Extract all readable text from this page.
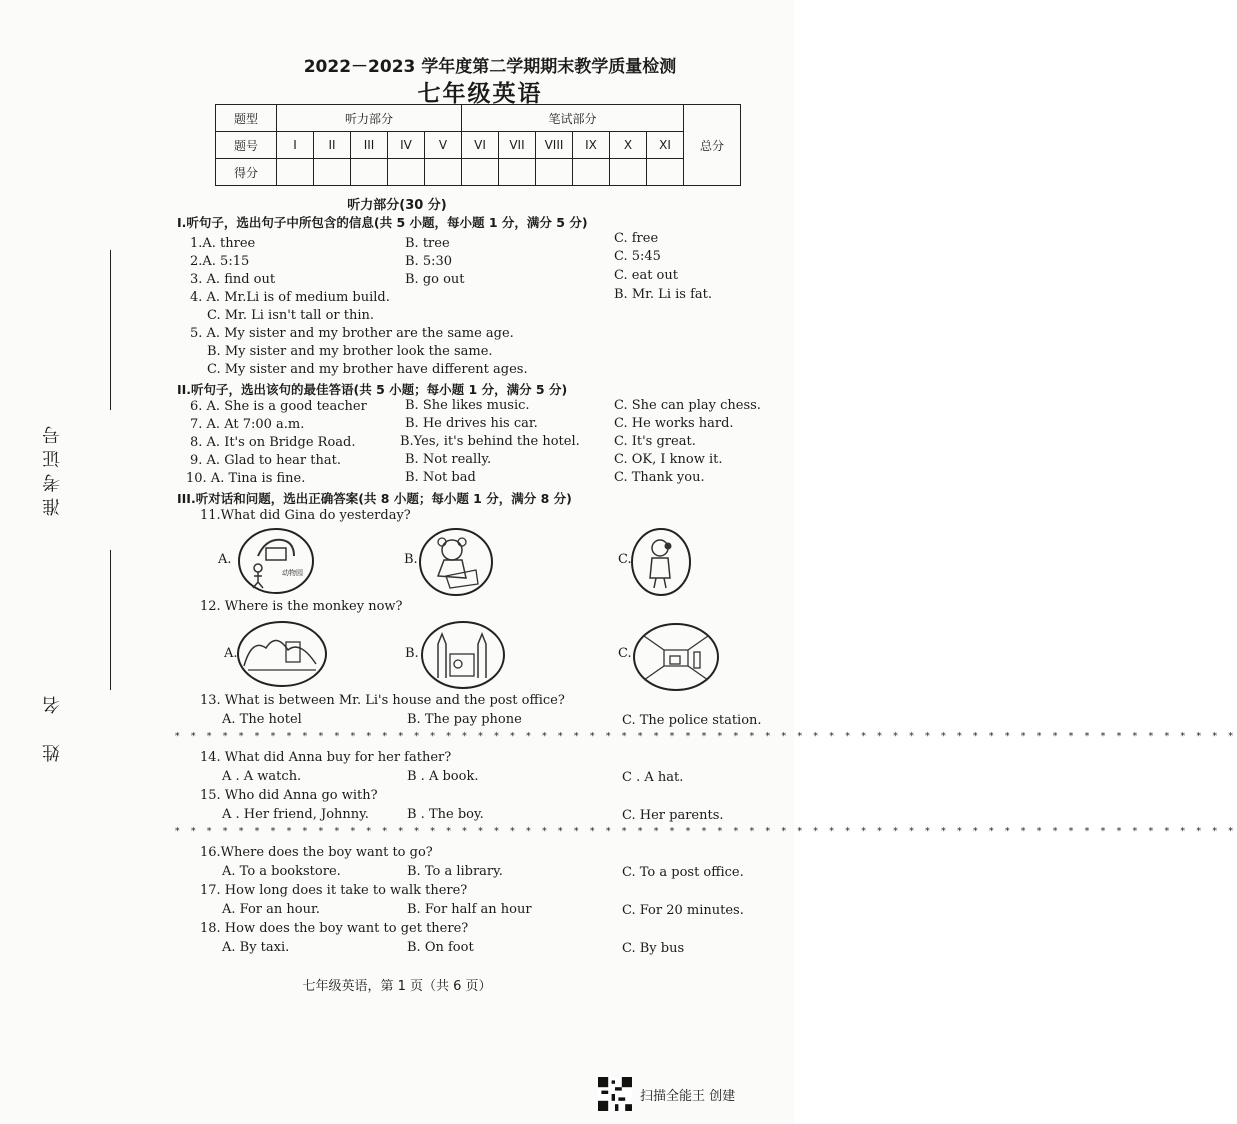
准考证号
姓　名
2022－2023 学年度第二学期期末教学质量检测
七年级英语
题型	听力部分					笔试部分						总分
题号	I	II	III	IV	V	VI	VII	VIII	IX	X	XI	
得分												
听力部分(30 分)
I.听句子，选出句子中所包含的信息(共 5 小题，每小题 1 分，满分 5 分)
1.A. three	B. tree	C. free
2.A. 5:15	B. 5:30	C. 5:45
3. A. find out	B. go out	C. eat out
4. A. Mr.Li is of medium build.	B. Mr. Li is fat.
C. Mr. Li isn't tall or thin.
5. A. My sister and my brother are the same age.
B. My sister and my brother look the same.
C. My sister and my brother have different ages.
II.听句子，选出该句的最佳答语(共 5 小题；每小题 1 分，满分 5 分)
6. A. She is a good teacher	B. She likes music.	C. She can play chess.
7. A. At 7:00 a.m.	B. He drives his car.	C. He works hard.
8. A. It's on Bridge Road.	B.Yes, it's behind the hotel.	C. It's great.
9. A. Glad to hear that.	B. Not really.	C. OK, I know it.
10. A. Tina is fine.	B. Not bad	C. Thank you.
III.听对话和问题，选出正确答案(共 8 小题；每小题 1 分，满分 8 分)
11.What did Gina do yesterday?
A.
动物园
B.	C.
12. Where is the monkey now?
A.	B.	C.
13. What is between Mr. Li's house and the post office?
A. The hotel	B. The pay phone	C. The police station.
* * * * * * * * * * * * * * * * * * * * * * * * * * * * * * * * * * * * * * * * * * * * * * * * * * * * * * * * * * * * * * * * * * *
14. What did Anna buy for her father?
A . A watch.	B . A book.	C . A hat.
15. Who did Anna go with?
A . Her friend, Johnny.	B . The boy.	C. Her parents.
* * * * * * * * * * * * * * * * * * * * * * * * * * * * * * * * * * * * * * * * * * * * * * * * * * * * * * * * * * * * * * * * * * *
16.Where does the boy want to go?
A. To a bookstore.	B. To a library.	C. To a post office.
17. How long does it take to walk there?
A. For an hour.	B. For half an hour	C. For 20 minutes.
18. How does the boy want to get there?
A. By taxi.	B. On foot	C. By bus
七年级英语，第 1 页（共 6 页）
扫描全能王 创建
